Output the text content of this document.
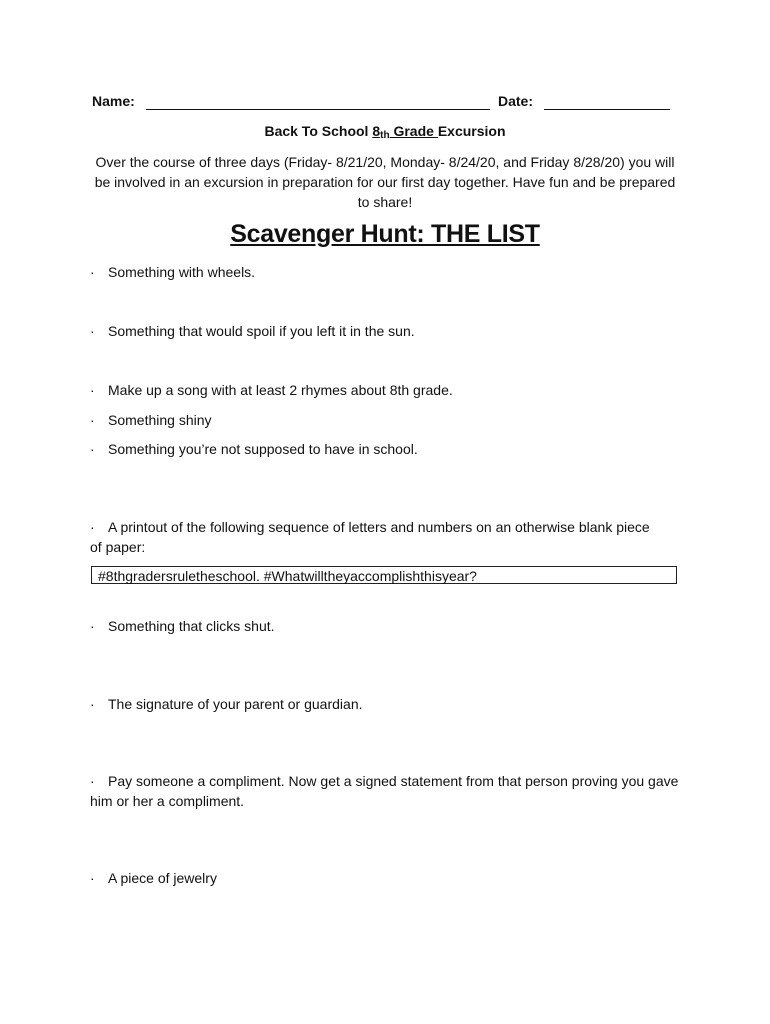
Name:	Date:
Back To School $8_{th}$ Grade Excursion
Over the course of three days (Friday- 8/21/20, Monday- 8/24/20, and Friday 8/28/20) you will be involved in an excursion in preparation for our first day together. Have fun and be prepared to share!
Scavenger Hunt: THE LIST
· Something with wheels.
· Something that would spoil if you left it in the sun.
· Make up a song with at least 2 rhymes about 8th grade.
· Something shiny
· Something you’re not supposed to have in school.
· A printout of the following sequence of letters and numbers on an otherwise blank piece of paper:
#8thgradersruletheschool. #Whatwilltheyaccomplishthisyear?
· Something that clicks shut.
· The signature of your parent or guardian.
· Pay someone a compliment. Now get a signed statement from that person proving you gave him or her a compliment.
· A piece of jewelry
